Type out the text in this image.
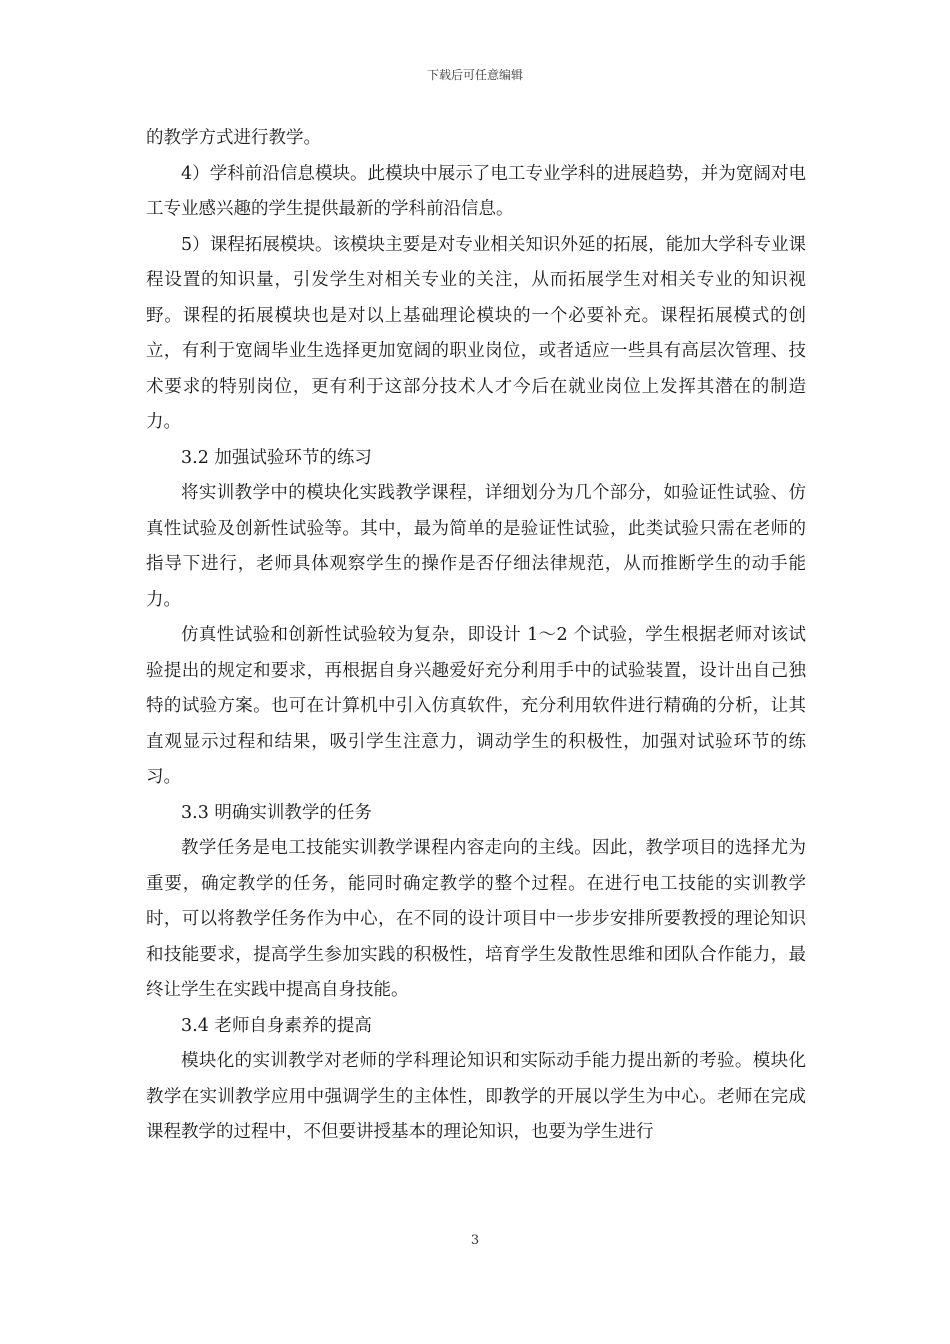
下载后可任意编辑

的教学方式进行教学。

4）学科前沿信息模块。此模块中展示了电工专业学科的进展趋势，并为宽阔对电工专业感兴趣的学生提供最新的学科前沿信息。

5）课程拓展模块。该模块主要是对专业相关知识外延的拓展，能加大学科专业课程设置的知识量，引发学生对相关专业的关注，从而拓展学生对相关专业的知识视野。课程的拓展模块也是对以上基础理论模块的一个必要补充。课程拓展模式的创立，有利于宽阔毕业生选择更加宽阔的职业岗位，或者适应一些具有高层次管理、技术要求的特别岗位，更有利于这部分技术人才今后在就业岗位上发挥其潜在的制造力。

3.2 加强试验环节的练习

将实训教学中的模块化实践教学课程，详细划分为几个部分，如验证性试验、仿真性试验及创新性试验等。其中，最为简单的是验证性试验，此类试验只需在老师的指导下进行，老师具体观察学生的操作是否仔细法律规范，从而推断学生的动手能力。

仿真性试验和创新性试验较为复杂，即设计 1～2 个试验，学生根据老师对该试验提出的规定和要求，再根据自身兴趣爱好充分利用手中的试验装置，设计出自己独特的试验方案。也可在计算机中引入仿真软件，充分利用软件进行精确的分析，让其直观显示过程和结果，吸引学生注意力，调动学生的积极性，加强对试验环节的练习。

3.3 明确实训教学的任务

教学任务是电工技能实训教学课程内容走向的主线。因此，教学项目的选择尤为重要，确定教学的任务，能同时确定教学的整个过程。在进行电工技能的实训教学时，可以将教学任务作为中心，在不同的设计项目中一步步安排所要教授的理论知识和技能要求，提高学生参加实践的积极性，培育学生发散性思维和团队合作能力，最终让学生在实践中提高自身技能。

3.4 老师自身素养的提高

模块化的实训教学对老师的学科理论知识和实际动手能力提出新的考验。模块化教学在实训教学应用中强调学生的主体性，即教学的开展以学生为中心。老师在完成课程教学的过程中，不但要讲授基本的理论知识，也要为学生进行

3
